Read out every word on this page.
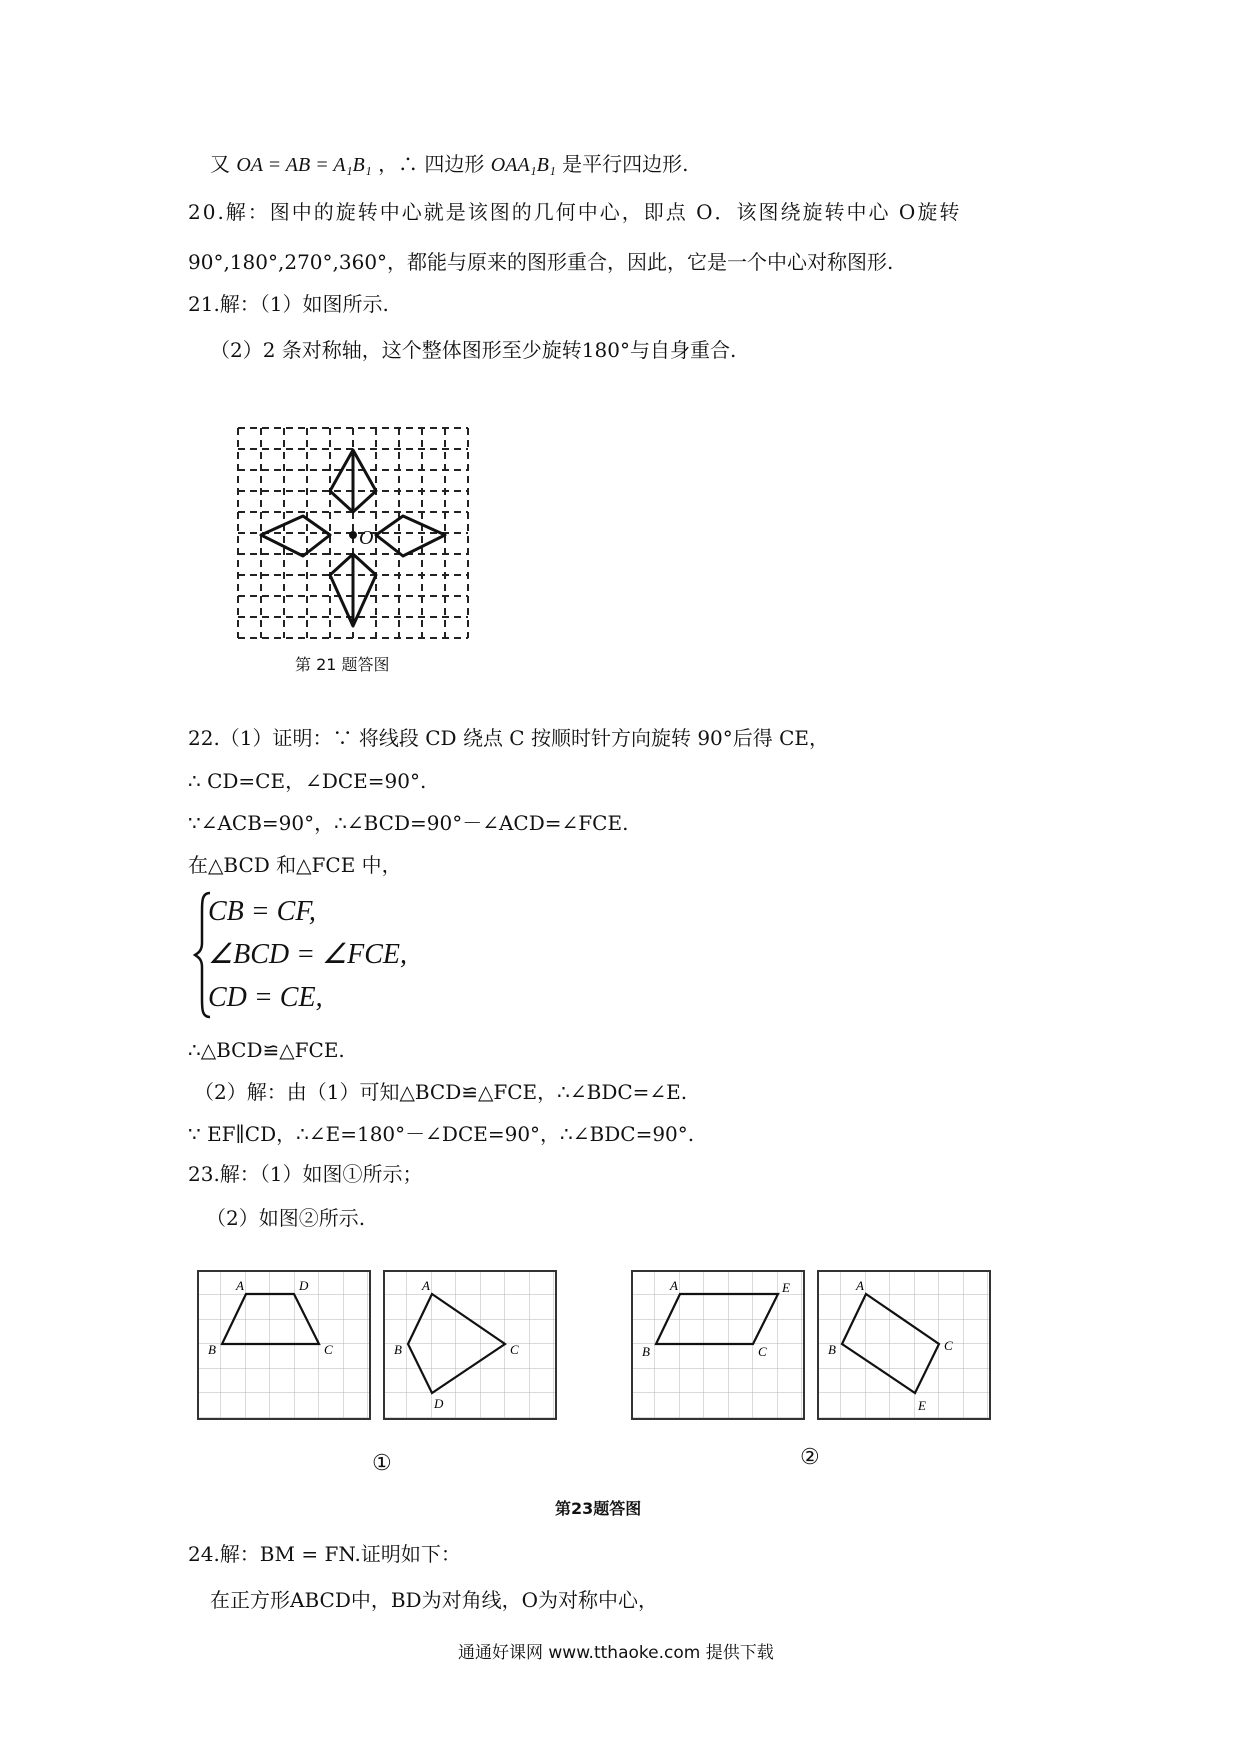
又 OA = AB = A₁B₁ ，∴ 四边形 OAA₁B₁ 是平行四边形.
20.解：图中的旋转中心就是该图的几何中心，即点 O．该图绕旋转中心 O旋转
90°,180°,270°,360°，都能与原来的图形重合，因此，它是一个中心对称图形.
21.解：（1）如图所示.
（2）2 条对称轴，这个整体图形至少旋转180°与自身重合.
O
第 21 题答图
22.（1）证明：∵ 将线段 CD 绕点 C 按顺时针方向旋转 90°后得 CE，
∴ CD=CE，∠DCE=90°.
∵∠ACB=90°，∴∠BCD=90°－∠ACD=∠FCE.
在△BCD 和△FCE 中，
CB = CF,
∠BCD = ∠FCE,
CD = CE,
∴△BCD≌△FCE.
（2）解：由（1）可知△BCD≌△FCE，∴∠BDC=∠E.
∵ EF∥CD，∴∠E=180°－∠DCE=90°，∴∠BDC=90°.
23.解：（1）如图①所示；
（2）如图②所示.
A	D
B	C
A
B	C
D
A	E
B	C
A
B	C
E
①	②
第23题答图
24.解：BM = FN.证明如下：
在正方形ABCD中，BD为对角线，O为对称中心，
通通好课网 www.tthaoke.com 提供下载
